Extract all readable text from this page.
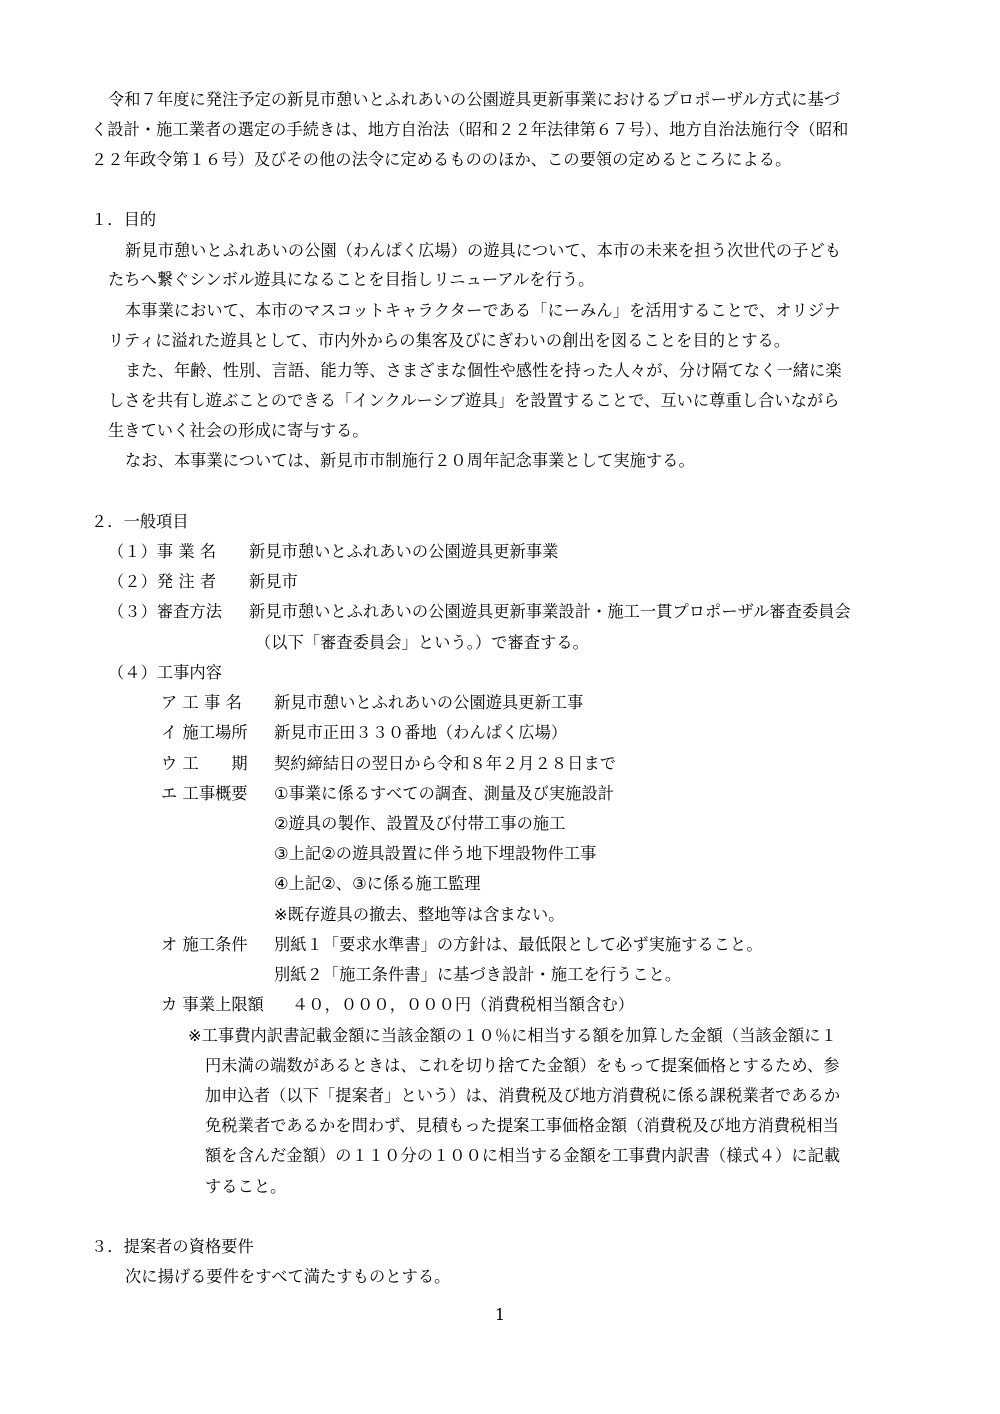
令和７年度に発注予定の新見市憩いとふれあいの公園遊具更新事業におけるプロポーザル方式に基づ
く設計・施工業者の選定の手続きは、地方自治法（昭和２２年法律第６７号）、地方自治法施行令（昭和
２２年政令第１６号）及びその他の法令に定めるもののほか、この要領の定めるところによる。
１．目的
新見市憩いとふれあいの公園（わんぱく広場）の遊具について、本市の未来を担う次世代の子ども
たちへ繋ぐシンボル遊具になることを目指しリニューアルを行う。
本事業において、本市のマスコットキャラクターである「にーみん」を活用することで、オリジナ
リティに溢れた遊具として、市内外からの集客及びにぎわいの創出を図ることを目的とする。
また、年齢、性別、言語、能力等、さまざまな個性や感性を持った人々が、分け隔てなく一緒に楽
しさを共有し遊ぶことのできる「インクルーシブ遊具」を設置することで、互いに尊重し合いながら
生きていく社会の形成に寄与する。
なお、本事業については、新見市市制施行２０周年記念事業として実施する。
２．一般項目
（１）事 業 名 新見市憩いとふれあいの公園遊具更新事業
（２）発 注 者 新見市
（３）審査方法 新見市憩いとふれあいの公園遊具更新事業設計・施工一貫プロポーザル審査委員会
（以下「審査委員会」という。）で審査する。
（４）工事内容
ア 工 事 名 新見市憩いとふれあいの公園遊具更新工事
イ 施工場所 新見市正田３３０番地（わんぱく広場）
ウ 工　　期 契約締結日の翌日から令和８年２月２８日まで
エ 工事概要 ①事業に係るすべての調査、測量及び実施設計
②遊具の製作、設置及び付帯工事の施工
③上記②の遊具設置に伴う地下埋設物件工事
④上記②、③に係る施工監理
※既存遊具の撤去、整地等は含まない。
オ 施工条件 別紙１「要求水準書」の方針は、最低限として必ず実施すること。
別紙２「施工条件書」に基づき設計・施工を行うこと。
カ 事業上限額 ４０，０００，０００円（消費税相当額含む）
※工事費内訳書記載金額に当該金額の１０％に相当する額を加算した金額（当該金額に１
円未満の端数があるときは、これを切り捨てた金額）をもって提案価格とするため、参
加申込者（以下「提案者」という）は、消費税及び地方消費税に係る課税業者であるか
免税業者であるかを問わず、見積もった提案工事価格金額（消費税及び地方消費税相当
額を含んだ金額）の１１０分の１００に相当する金額を工事費内訳書（様式４）に記載
すること。
３．提案者の資格要件
次に揚げる要件をすべて満たすものとする。
1
